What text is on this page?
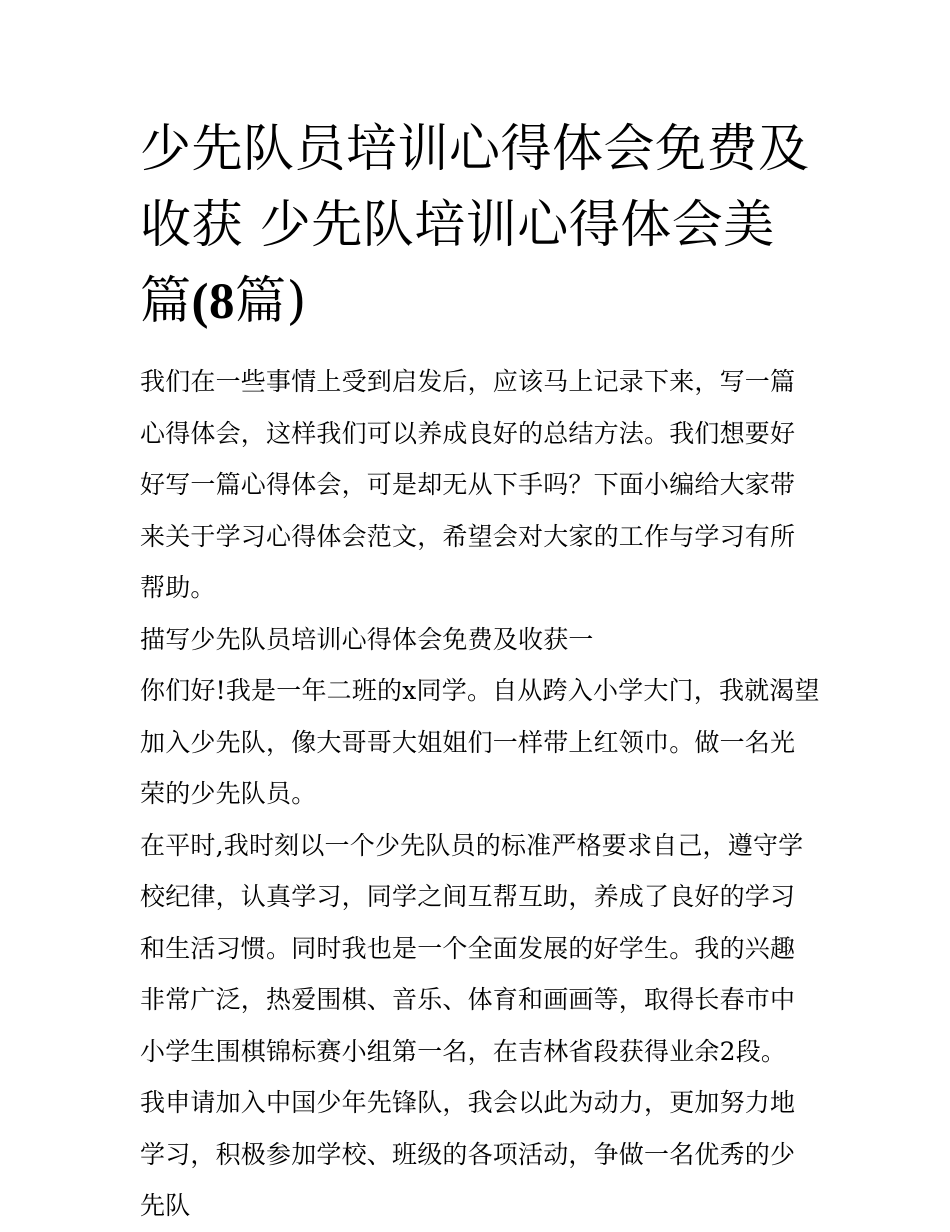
少先队员培训心得体会免费及收获 少先队培训心得体会美篇(8篇)

我们在一些事情上受到启发后，应该马上记录下来，写一篇心得体会，这样我们可以养成良好的总结方法。我们想要好好写一篇心得体会，可是却无从下手吗？下面小编给大家带来关于学习心得体会范文，希望会对大家的工作与学习有所帮助。

描写少先队员培训心得体会免费及收获一

你们好!我是一年二班的x同学。自从跨入小学大门，我就渴望加入少先队，像大哥哥大姐姐们一样带上红领巾。做一名光荣的少先队员。

在平时,我时刻以一个少先队员的标准严格要求自己，遵守学校纪律，认真学习，同学之间互帮互助，养成了良好的学习和生活习惯。同时我也是一个全面发展的好学生。我的兴趣非常广泛，热爱围棋、音乐、体育和画画等，取得长春市中小学生围棋锦标赛小组第一名，在吉林省段获得业余2段。

我申请加入中国少年先锋队，我会以此为动力，更加努力地学习，积极参加学校、班级的各项活动，争做一名优秀的少先队
